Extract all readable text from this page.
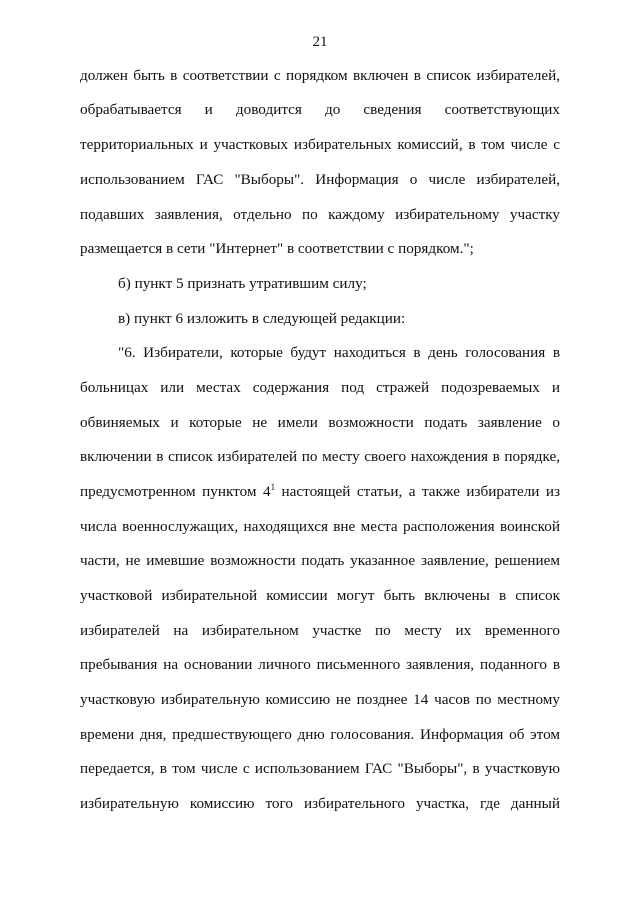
21
должен быть в соответствии с порядком включен в список избирателей,
обрабатывается и доводится до сведения соответствующих
территориальных и участковых избирательных комиссий, в том числе с
использованием ГАС "Выборы". Информация о числе избирателей,
подавших заявления, отдельно по каждому избирательному участку
размещается в сети "Интернет" в соответствии с порядком.";
б) пункт 5 признать утратившим силу;
в) пункт 6 изложить в следующей редакции:
"6. Избиратели, которые будут находиться в день голосования в
больницах или местах содержания под стражей подозреваемых и
обвиняемых и которые не имели возможности подать заявление о
включении в список избирателей по месту своего нахождения в порядке,
предусмотренном пунктом $4^1$ настоящей статьи, а также избиратели из
числа военнослужащих, находящихся вне места расположения воинской
части, не имевшие возможности подать указанное заявление, решением
участковой избирательной комиссии могут быть включены в список
избирателей на избирательном участке по месту их временного
пребывания на основании личного письменного заявления, поданного в
участковую избирательную комиссию не позднее 14 часов по местному
времени дня, предшествующего дню голосования. Информация об этом
передается, в том числе с использованием ГАС "Выборы", в участковую
избирательную комиссию того избирательного участка, где данный
